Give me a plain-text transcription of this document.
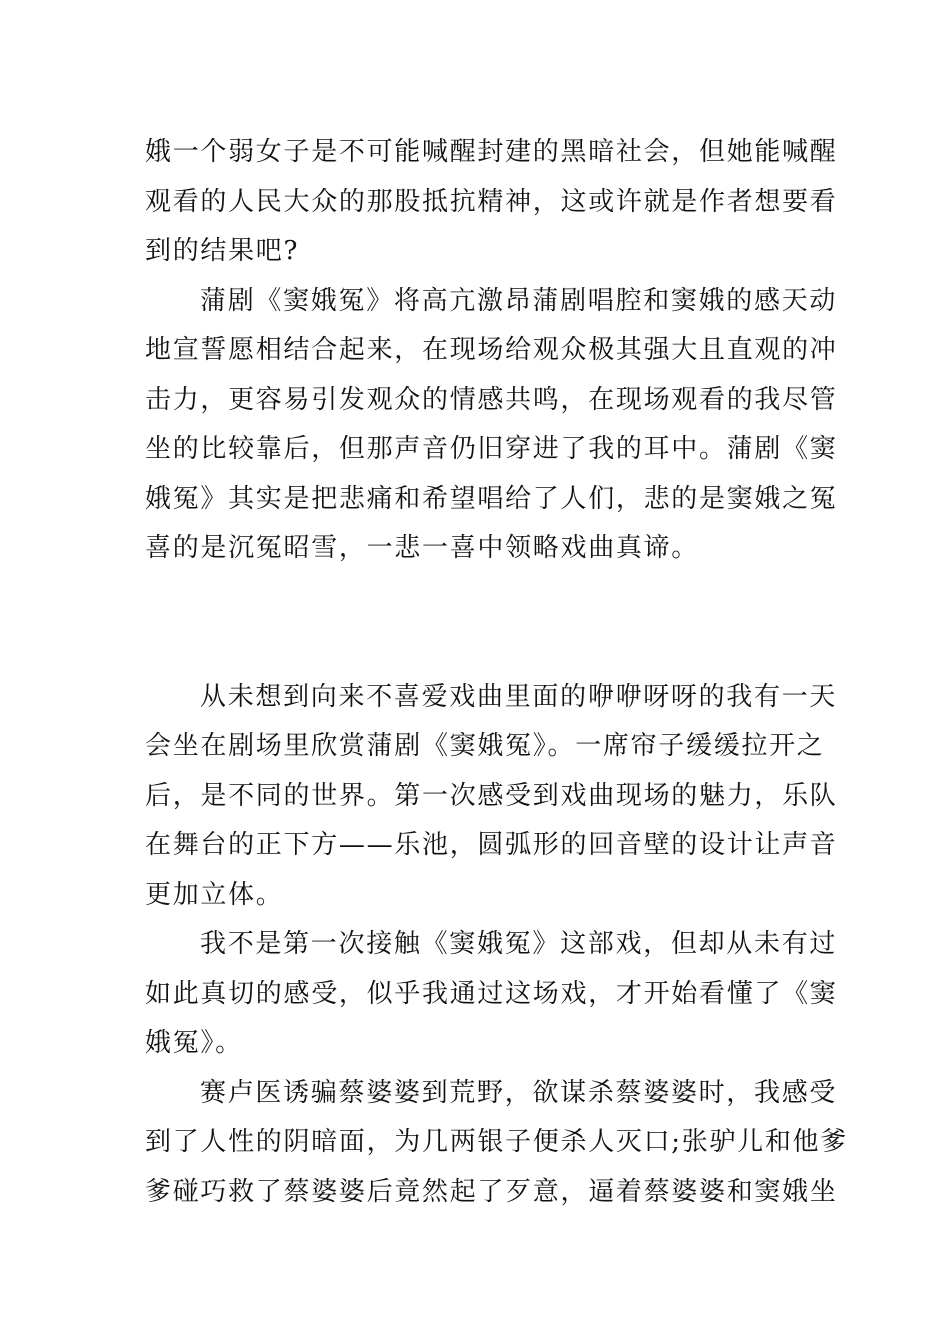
娥一个弱女子是不可能喊醒封建的黑暗社会，但她能喊醒
观看的人民大众的那股抵抗精神，这或许就是作者想要看
到的结果吧?
蒲剧《窦娥冤》将高亢激昂蒲剧唱腔和窦娥的感天动
地宣誓愿相结合起来，在现场给观众极其强大且直观的冲
击力，更容易引发观众的情感共鸣，在现场观看的我尽管
坐的比较靠后，但那声音仍旧穿进了我的耳中。蒲剧《窦
娥冤》其实是把悲痛和希望唱给了人们，悲的是窦娥之冤
喜的是沉冤昭雪，一悲一喜中领略戏曲真谛。
从未想到向来不喜爱戏曲里面的咿咿呀呀的我有一天
会坐在剧场里欣赏蒲剧《窦娥冤》。一席帘子缓缓拉开之
后，是不同的世界。第一次感受到戏曲现场的魅力，乐队
在舞台的正下方——乐池，圆弧形的回音壁的设计让声音
更加立体。
我不是第一次接触《窦娥冤》这部戏，但却从未有过
如此真切的感受，似乎我通过这场戏，才开始看懂了《窦
娥冤》。
赛卢医诱骗蔡婆婆到荒野，欲谋杀蔡婆婆时，我感受
到了人性的阴暗面，为几两银子便杀人灭口;张驴儿和他爹
爹碰巧救了蔡婆婆后竟然起了歹意，逼着蔡婆婆和窦娥坐
